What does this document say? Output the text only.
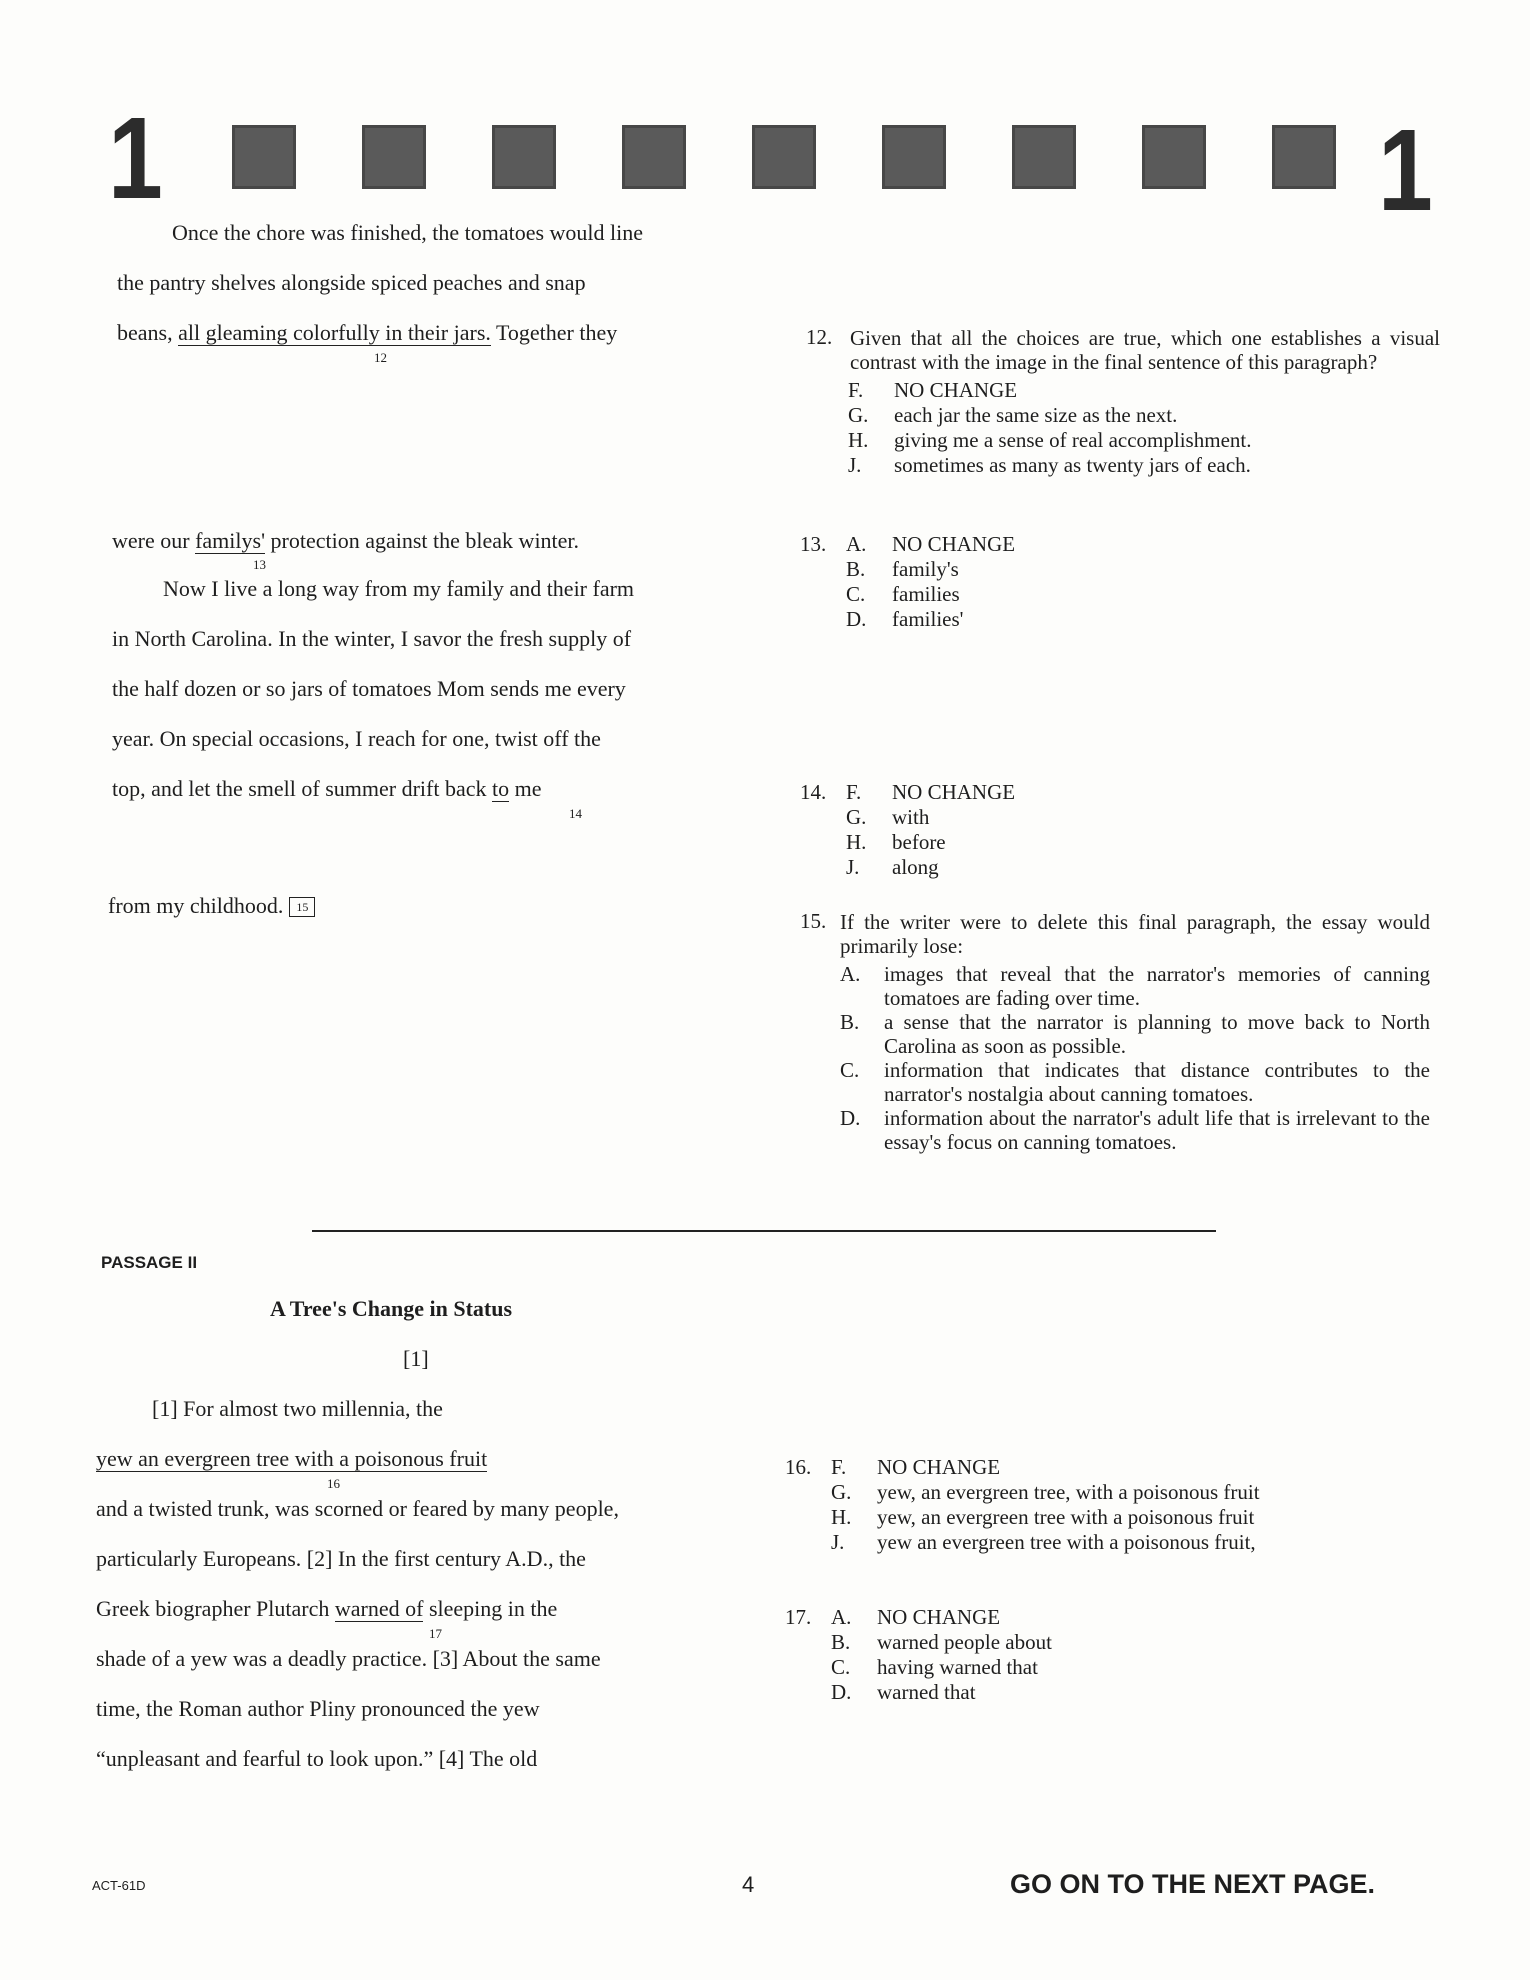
1	1
Once the chore was finished, the tomatoes would line
the pantry shelves alongside spiced peaches and snap
beans, all gleaming colorfully in their jars. Together they
12
were our familys' protection against the bleak winter.
13
Now I live a long way from my family and their farm
in North Carolina. In the winter, I savor the fresh supply of
the half dozen or so jars of tomatoes Mom sends me every
year. On special occasions, I reach for one, twist off the
top, and let the smell of summer drift back to me
14
from my childhood. 15
12. Given that all the choices are true, which one establishes a visual contrast with the image in the final sentence of this paragraph?
F. NO CHANGE
G. each jar the same size as the next.
H. giving me a sense of real accomplishment.
J. sometimes as many as twenty jars of each.
13. A. NO CHANGE
B. family's
C. families
D. families'
14. F. NO CHANGE
G. with
H. before
J. along
15. If the writer were to delete this final paragraph, the essay would primarily lose:
A.	images that reveal that the narrator's memories of canning tomatoes are fading over time.
B.	a sense that the narrator is planning to move back to North Carolina as soon as possible.
C.	information that indicates that distance contributes to the narrator's nostalgia about canning tomatoes.
D.	information about the narrator's adult life that is irrelevant to the essay's focus on canning tomatoes.
PASSAGE II
A Tree's Change in Status
[1]
[1] For almost two millennia, the
yew an evergreen tree with a poisonous fruit
16
and a twisted trunk, was scorned or feared by many people,
particularly Europeans. [2] In the first century A.D., the
Greek biographer Plutarch warned of sleeping in the
17
shade of a yew was a deadly practice. [3] About the same
time, the Roman author Pliny pronounced the yew
“unpleasant and fearful to look upon.” [4] The old
16. F. NO CHANGE
G. yew, an evergreen tree, with a poisonous fruit
H. yew, an evergreen tree with a poisonous fruit
J. yew an evergreen tree with a poisonous fruit,
17. A. NO CHANGE
B. warned people about
C. having warned that
D. warned that
ACT-61D	4	GO ON TO THE NEXT PAGE.
